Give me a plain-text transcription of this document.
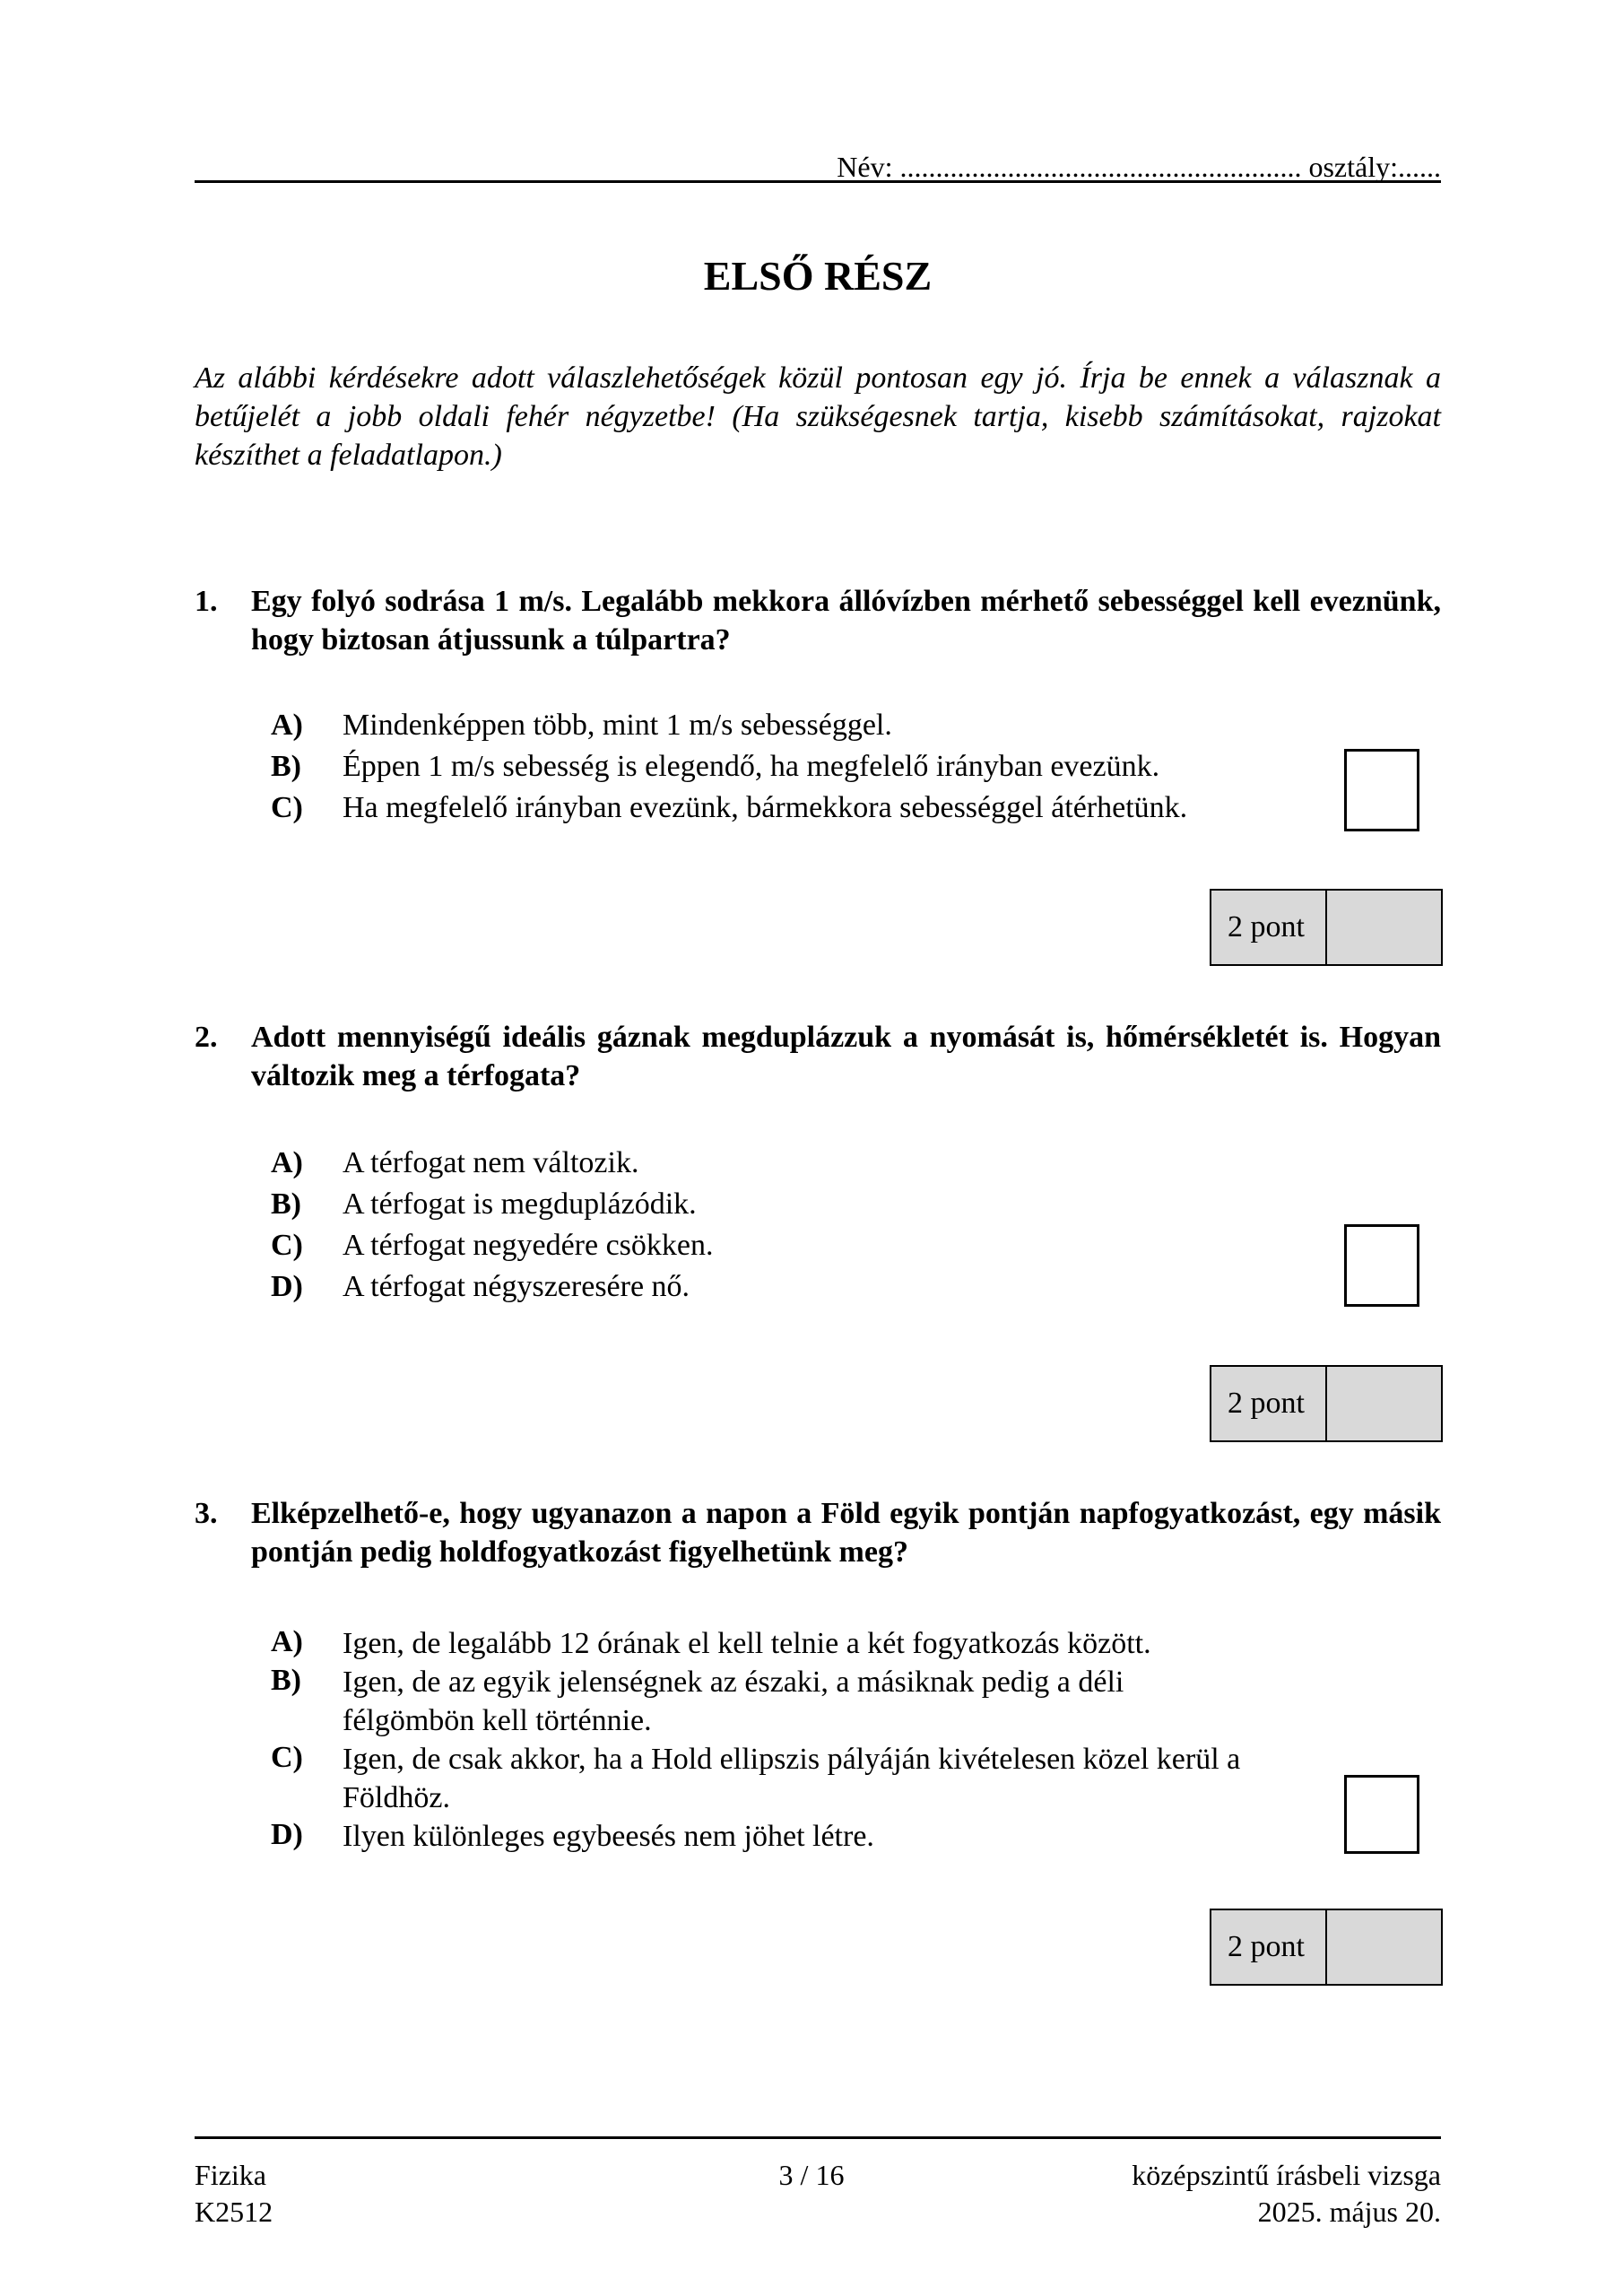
Név: ........................................................ osztály:......
ELSŐ RÉSZ
Az alábbi kérdésekre adott válaszlehetőségek közül pontosan egy jó. Írja be ennek a válasznak a betűjelét a jobb oldali fehér négyzetbe! (Ha szükségesnek tartja, kisebb számításokat, rajzokat készíthet a feladatlapon.)
1. Egy folyó sodrása 1 m/s. Legalább mekkora állóvízben mérhető sebességgel kell eveznünk, hogy biztosan átjussunk a túlpartra?
A) Mindenképpen több, mint 1 m/s sebességgel.
B) Éppen 1 m/s sebesség is elegendő, ha megfelelő irányban evezünk.
C) Ha megfelelő irányban evezünk, bármekkora sebességgel átérhetünk.
2 pont
2. Adott mennyiségű ideális gáznak megduplázzuk a nyomását is, hőmérsékletét is. Hogyan változik meg a térfogata?
A) A térfogat nem változik.
B) A térfogat is megduplázódik.
C) A térfogat negyedére csökken.
D) A térfogat négyszeresére nő.
2 pont
3. Elképzelhető-e, hogy ugyanazon a napon a Föld egyik pontján napfogyatkozást, egy másik pontján pedig holdfogyatkozást figyelhetünk meg?
A) Igen, de legalább 12 órának el kell telnie a két fogyatkozás között.
B) Igen, de az egyik jelenségnek az északi, a másiknak pedig a déli félgömbön kell történnie.
C) Igen, de csak akkor, ha a Hold ellipszis pályáján kivételesen közel kerül a Földhöz.
D) Ilyen különleges egybeesés nem jöhet létre.
2 pont
Fizika
K2512
3 / 16	középszintű írásbeli vizsga
2025. május 20.
